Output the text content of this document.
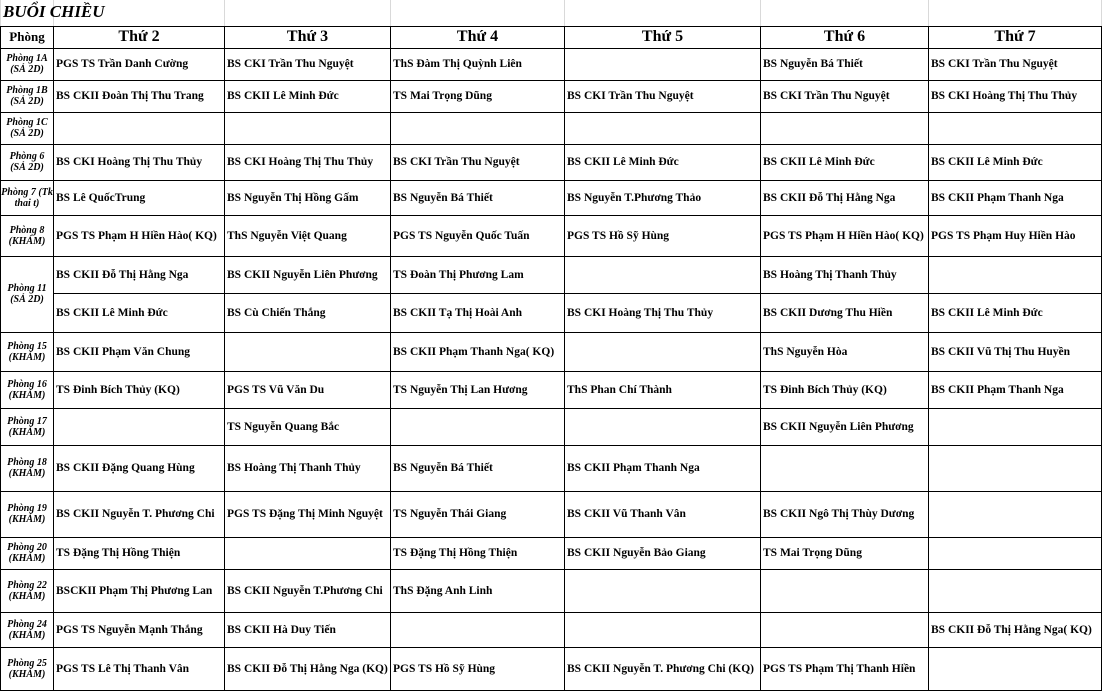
Phòng	Thứ 2	Thứ 3	Thứ 4	Thứ 5	Thứ 6	Thứ 7
Phòng 1A (SẢ 2D)	PGS TS Trần Danh Cường	BS CKI Trần Thu Nguyệt	ThS Đàm Thị Quỳnh Liên		BS Nguyễn Bá Thiết	BS CKI Trần Thu Nguyệt
Phòng 1B (SẢ 2D)	BS CKII Đoàn Thị Thu Trang	BS CKII Lê Minh Đức	TS Mai Trọng Dũng	BS CKI Trần Thu Nguyệt	BS CKI Trần Thu Nguyệt	BS CKI Hoàng Thị Thu Thủy
Phòng 1C (SẢ 2D)						
Phòng 6 (SẢ 2D)	BS CKI Hoàng Thị Thu Thủy	BS CKI Hoàng Thị Thu Thủy	BS CKI Trần Thu Nguyệt	BS CKII Lê Minh Đức	BS CKII Lê Minh Đức	BS CKII Lê Minh Đức
Phòng 7 (Tk thai t)	BS Lê QuốcTrung	BS Nguyễn Thị Hồng Gấm	BS Nguyễn Bá Thiết	BS Nguyễn T.Phương Thảo	BS CKII Đỗ Thị Hằng Nga	BS CKII Phạm Thanh Nga
Phòng 8 (KHÁM)	PGS TS Phạm H Hiền Hào( KQ)	ThS Nguyễn Việt Quang	PGS TS Nguyễn Quốc Tuấn	PGS TS Hồ Sỹ Hùng	PGS TS Phạm H Hiền Hào( KQ)	PGS TS Phạm Huy Hiền Hào
Phòng 11 (SẢ 2D)	BS CKII Đỗ Thị Hằng Nga	BS CKII Nguyễn Liên Phương	TS Đoàn Thị Phương Lam		BS Hoàng Thị Thanh Thủy	
	BS CKII Lê Minh Đức	BS Cù Chiến Thắng	BS CKII Tạ Thị Hoài Anh	BS CKI Hoàng Thị Thu Thủy	BS CKII Dương Thu Hiền	BS CKII Lê Minh Đức
Phòng 15 (KHÁM)	BS CKII Phạm Văn Chung		BS CKII Phạm Thanh Nga( KQ)		ThS Nguyễn Hòa	BS CKII Vũ Thị Thu Huyền
Phòng 16 (KHÁM)	TS Đinh Bích Thủy (KQ)	PGS TS Vũ Văn Du	TS Nguyễn Thị Lan Hương	ThS Phan Chí Thành	TS Đinh Bích Thủy (KQ)	BS CKII Phạm Thanh Nga
Phòng 17 (KHÁM)		TS Nguyễn Quang Bắc			BS CKII Nguyễn Liên Phương	
Phòng 18 (KHÁM)	BS CKII Đặng Quang Hùng	BS Hoàng Thị Thanh Thủy	BS Nguyễn Bá Thiết	BS CKII Phạm Thanh Nga		
Phòng 19 (KHÁM)	BS CKII Nguyễn T. Phương Chi	PGS TS Đặng Thị Minh Nguyệt	TS Nguyễn Thái Giang	BS CKII Vũ Thanh Vân	BS CKII Ngô Thị Thùy Dương	
Phòng 20 (KHÁM)	TS Đặng Thị Hồng Thiện		TS Đặng Thị Hồng Thiện	BS CKII Nguyễn Bảo Giang	TS Mai Trọng Dũng	
Phòng 22 (KHÁM)	BSCKII Phạm Thị Phương Lan	BS CKII Nguyễn T.Phương Chi	ThS Đặng Anh Linh			
Phòng 24 (KHÁM)	PGS TS Nguyễn Mạnh Thắng	BS CKII Hà Duy Tiến				BS CKII Đỗ Thị Hằng Nga( KQ)
Phòng 25 (KHÁM)	PGS TS Lê Thị Thanh Vân	BS CKII Đỗ Thị Hằng Nga (KQ)	PGS TS Hồ Sỹ Hùng	BS CKII Nguyễn T. Phương Chi (KQ)	PGS TS Phạm Thị Thanh Hiền	
BUỔI CHIỀU
